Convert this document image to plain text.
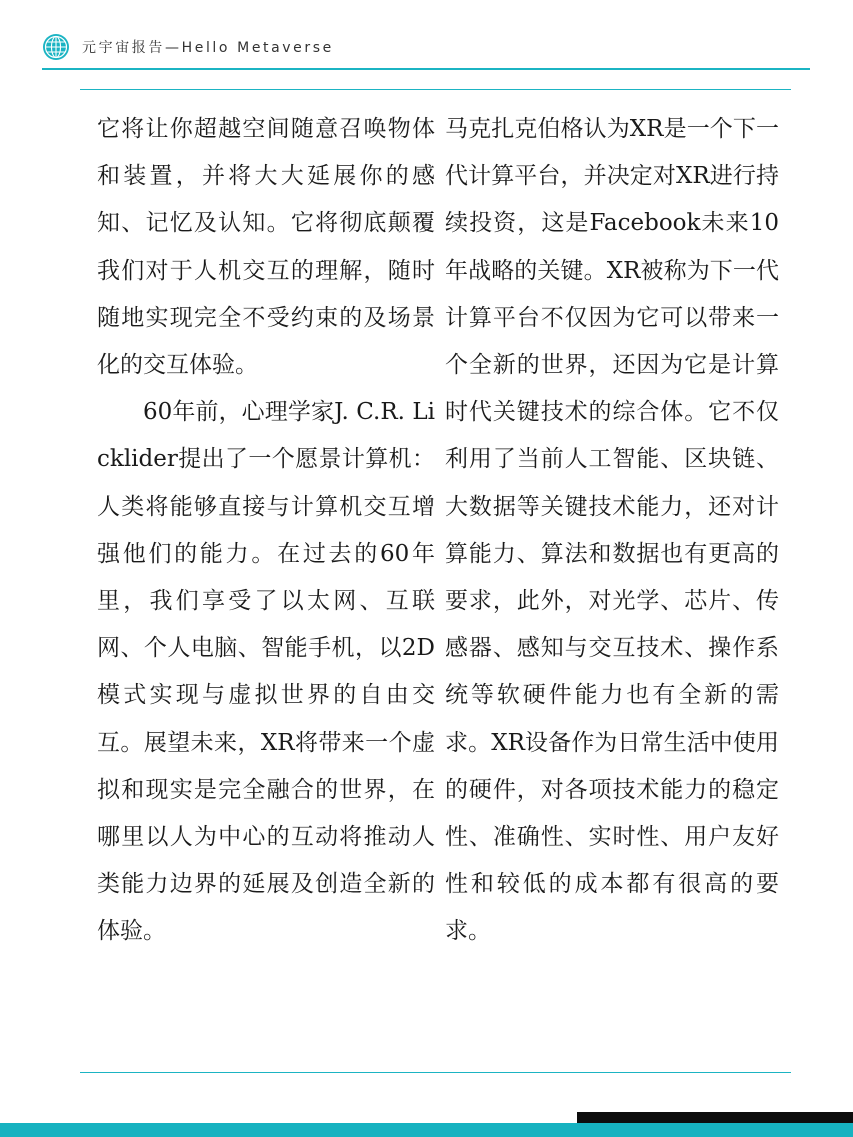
元宇宙报告—Hello Metaverse

它将让你超越空间随意召唤物体和装置，并将大大延展你的感知、记忆及认知。它将彻底颠覆我们对于人机交互的理解，随时随地实现完全不受约束的及场景化的交互体验。

60年前，心理学家J. C.R. Licklider提出了一个愿景计算机：人类将能够直接与计算机交互增强他们的能力。在过去的60年里，我们享受了以太网、互联网、个人电脑、智能手机，以2D模式实现与虚拟世界的自由交互。展望未来，XR将带来一个虚拟和现实是完全融合的世界，在哪里以人为中心的互动将推动人类能力边界的延展及创造全新的体验。

马克扎克伯格认为XR是一个下一代计算平台，并决定对XR进行持续投资，这是Facebook未来10年战略的关键。XR被称为下一代计算平台不仅因为它可以带来一个全新的世界，还因为它是计算时代关键技术的综合体。它不仅利用了当前人工智能、区块链、大数据等关键技术能力，还对计算能力、算法和数据也有更高的要求，此外，对光学、芯片、传感器、感知与交互技术、操作系统等软硬件能力也有全新的需求。XR设备作为日常生活中使用的硬件，对各项技术能力的稳定性、准确性、实时性、用户友好性和较低的成本都有很高的要求。
